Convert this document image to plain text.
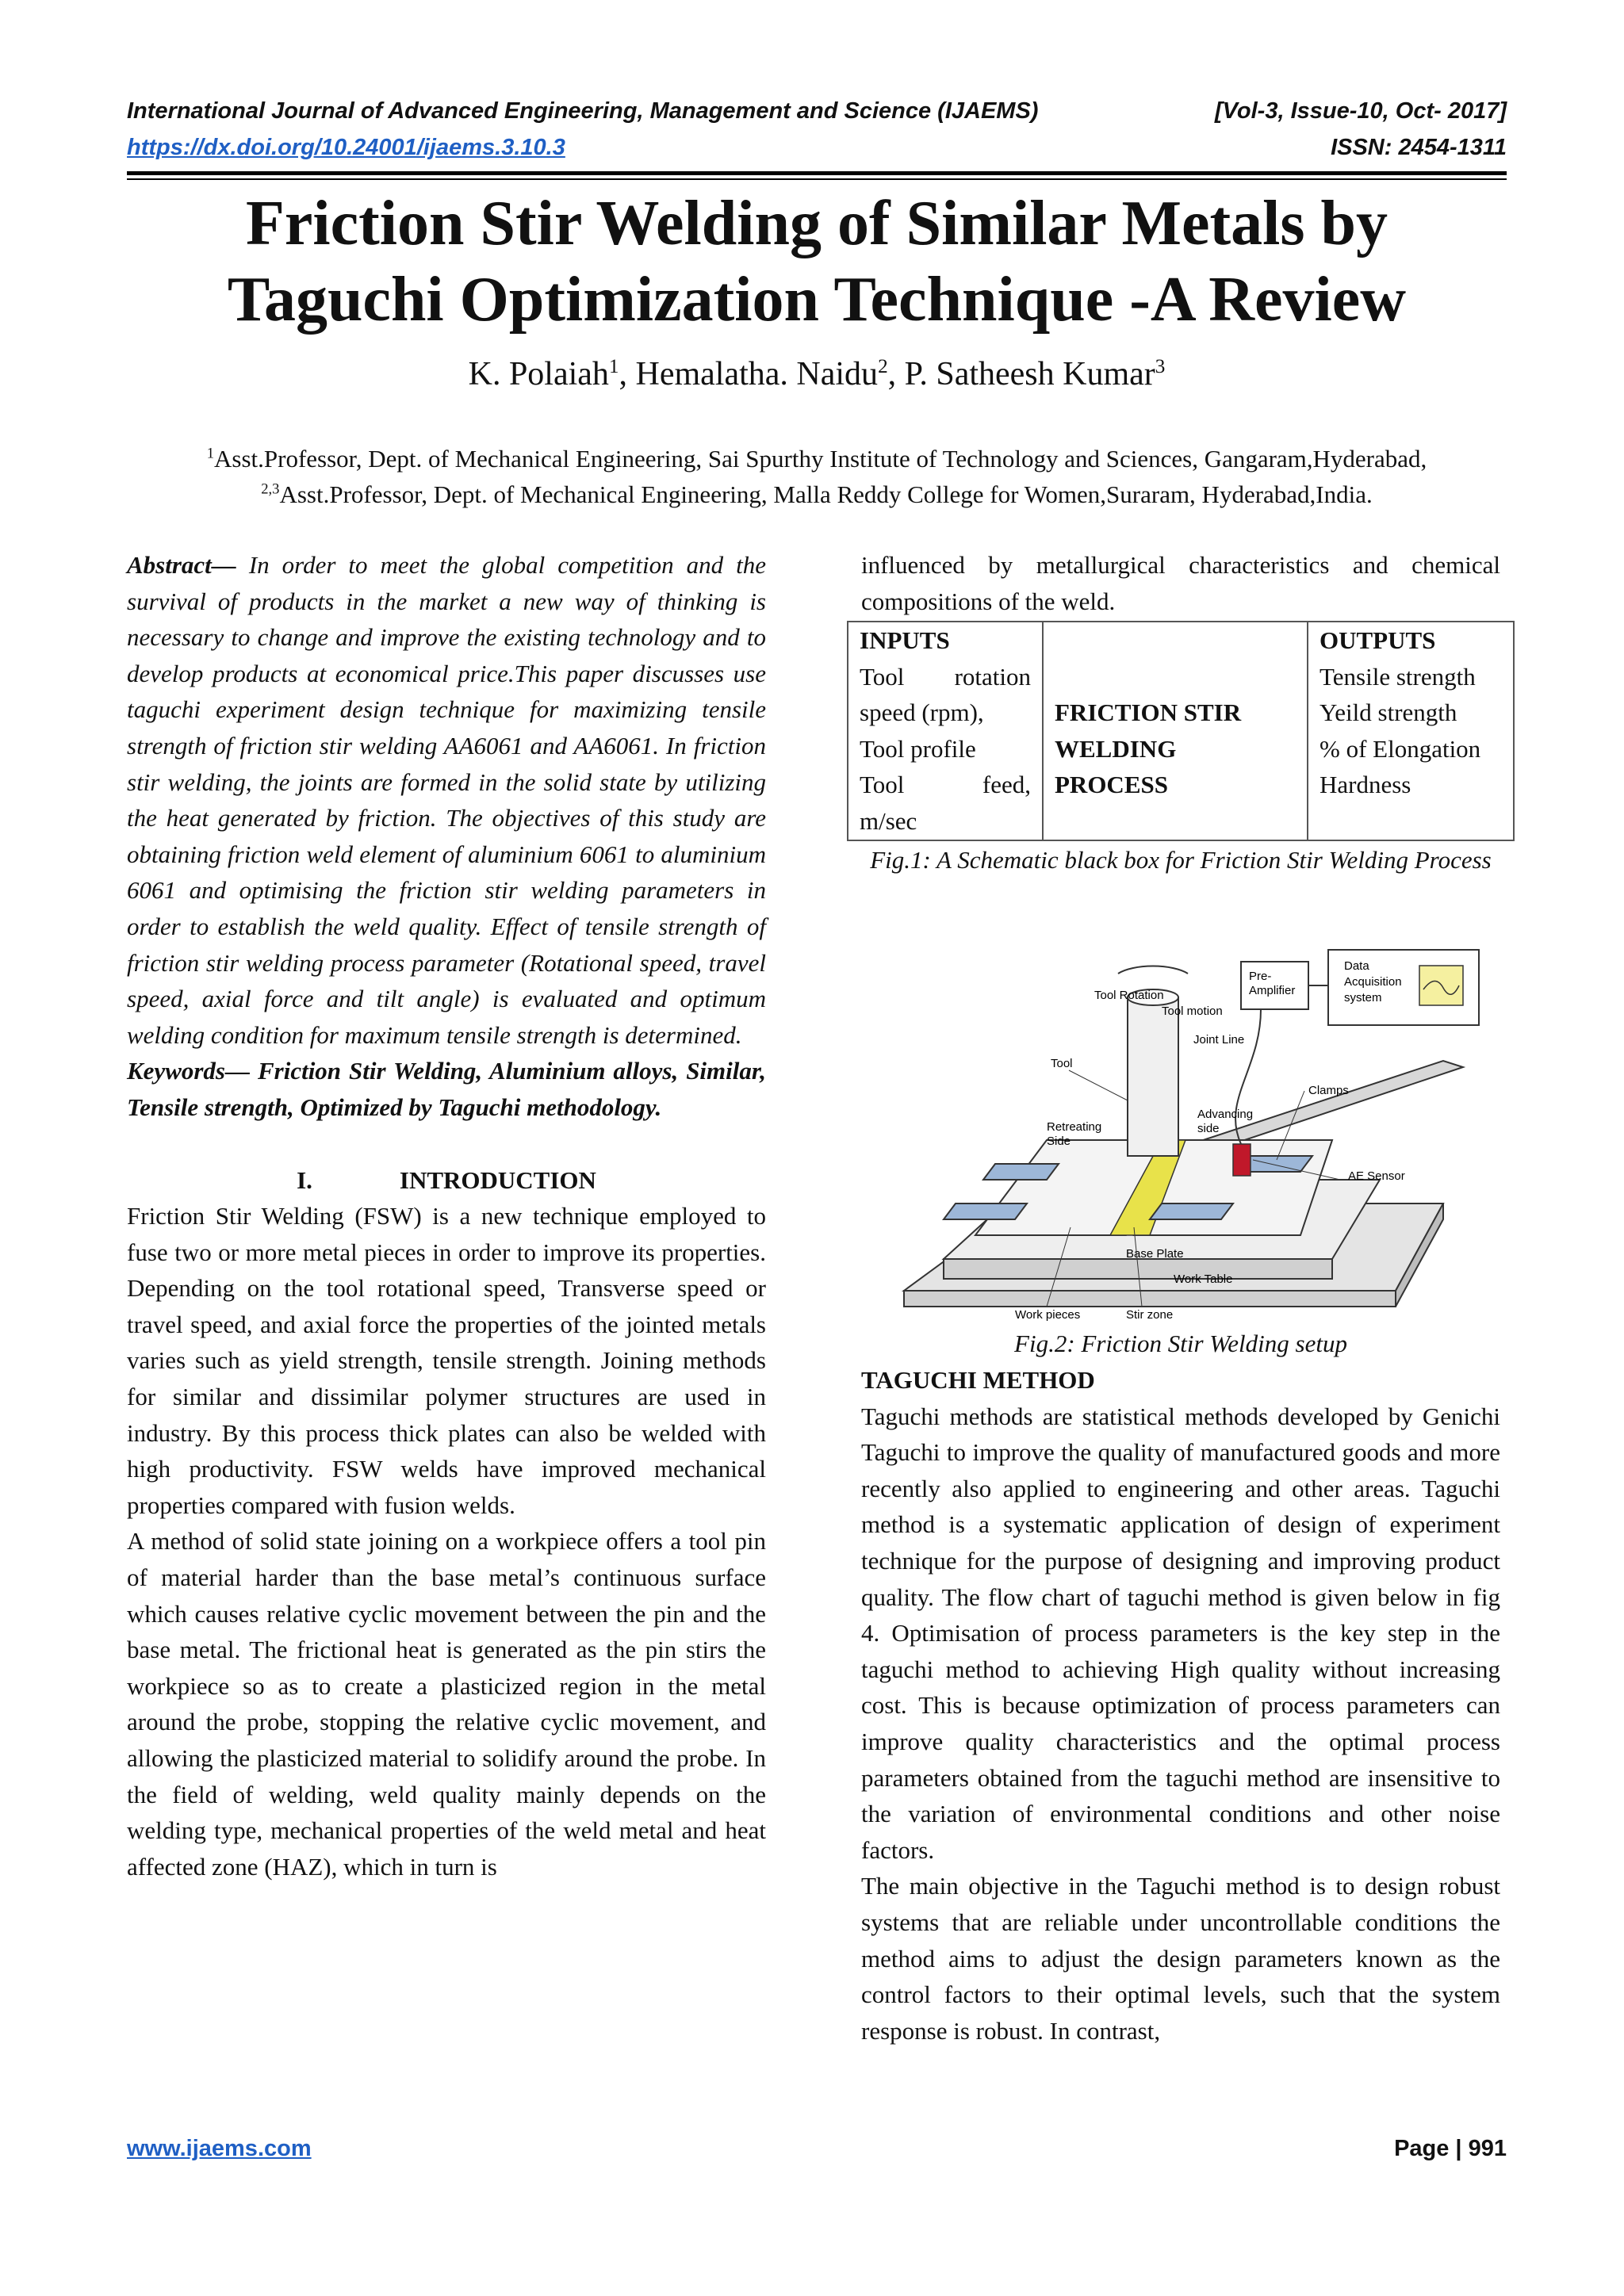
International Journal of Advanced Engineering, Management and Science (IJAEMS)	[Vol-3, Issue-10, Oct- 2017]
https://dx.doi.org/10.24001/ijaems.3.10.3	ISSN: 2454-1311
Friction Stir Welding of Similar Metals by
Taguchi Optimization Technique -A Review
K. Polaiah$^1$, Hemalatha. Naidu$^2$, P. Satheesh Kumar$^3$
$^1$Asst.Professor, Dept. of Mechanical Engineering, Sai Spurthy Institute of Technology and Sciences, Gangaram,Hyderabad,
$^{2,3}$Asst.Professor, Dept. of Mechanical Engineering, Malla Reddy College for Women,Suraram, Hyderabad,India.

Abstract— In order to meet the global competition and the survival of products in the market a new way of thinking is necessary to change and improve the existing technology and to develop products at economical price.This paper discusses use taguchi experiment design technique for maximizing tensile strength of friction stir welding AA6061 and AA6061. In friction stir welding, the joints are formed in the solid state by utilizing the heat generated by friction. The objectives of this study are obtaining friction weld element of aluminium 6061 to aluminium 6061 and optimising the friction stir welding parameters in order to establish the weld quality. Effect of tensile strength of friction stir welding process parameter (Rotational speed, travel speed, axial force and tilt angle) is evaluated and optimum welding condition for maximum tensile strength is determined.

Keywords— Friction Stir Welding, Aluminium alloys, Similar, Tensile strength, Optimized by Taguchi methodology.

I.	INTRODUCTION

Friction Stir Welding (FSW) is a new technique employed to fuse two or more metal pieces in order to improve its properties. Depending on the tool rotational speed, Transverse speed or travel speed, and axial force the properties of the jointed metals varies such as yield strength, tensile strength. Joining methods for similar and dissimilar polymer structures are used in industry. By this process thick plates can also be welded with high productivity. FSW welds have improved mechanical properties compared with fusion welds.

A method of solid state joining on a workpiece offers a tool pin of material harder than the base metal’s continuous surface which causes relative cyclic movement between the pin and the base metal. The frictional heat is generated as the pin stirs the workpiece so as to create a plasticized region in the metal around the probe, stopping the relative cyclic movement, and allowing the plasticized material to solidify around the probe. In the field of welding, weld quality mainly depends on the welding type, mechanical properties of the weld metal and heat affected zone (HAZ), which in turn is

influenced by metallurgical characteristics and chemical compositions of the weld.

INPUTS
Tool rotation
speed (rpm),
Tool profile
Tool feed,
m/sec

FRICTION STIR
WELDING
PROCESS

OUTPUTS
Tensile strength
Yeild strength
% of Elongation
Hardness
Fig.1: A Schematic black box for Friction Stir Welding Process
Tool Rotation
Tool motion
Pre-
Amplifier
Data
Acquisition
system
Joint Line
Tool
Clamps
Advancing
side
Retreating
Side
AE Sensor
Base Plate
Work Table
Work pieces	Stir zone
Fig.2: Friction Stir Welding setup

TAGUCHI METHOD

Taguchi methods are statistical methods developed by Genichi Taguchi to improve the quality of manufactured goods and more recently also applied to engineering and other areas. Taguchi method is a systematic application of design of experiment technique for the purpose of designing and improving product quality. The flow chart of taguchi method is given below in fig 4. Optimisation of process parameters is the key step in the taguchi method to achieving High quality without increasing cost. This is because optimization of process parameters can improve quality characteristics and the optimal process parameters obtained from the taguchi method are insensitive to the variation of environmental conditions and other noise factors.

The main objective in the Taguchi method is to design robust systems that are reliable under uncontrollable conditions the method aims to adjust the design parameters known as the control factors to their optimal levels, such that the system response is robust. In contrast,

www.ijaems.com	Page | 991
